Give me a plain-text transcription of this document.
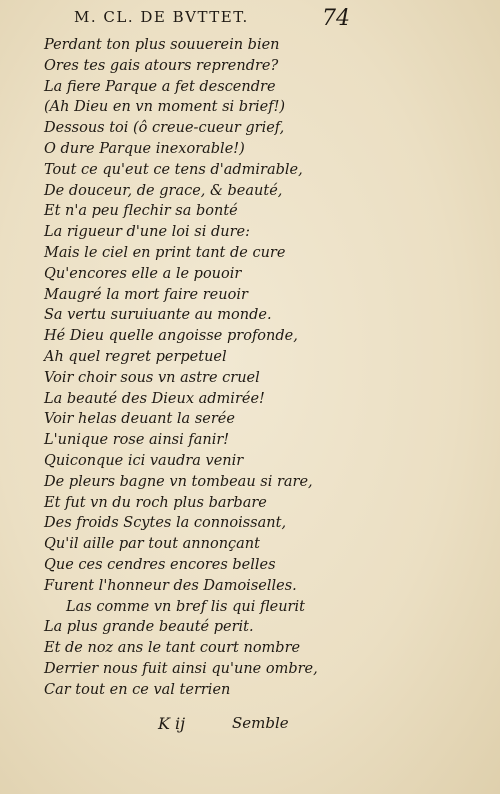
M. CL. DE BVTTET.	74
Perdant ton plus souuerein bien
Ores tes gais atours reprendre?
La fiere Parque a fet descendre
(Ah Dieu en vn moment si brief!)
Dessous toi (ô creue-cueur grief,
O dure Parque inexorable!)
Tout ce qu'eut ce tens d'admirable,
De douceur, de grace, & beauté,
Et n'a peu flechir sa bonté
La rigueur d'une loi si dure:
Mais le ciel en print tant de cure
Qu'encores elle a le pouoir
Maugré la mort faire reuoir
Sa vertu suruiuante au monde.
Hé Dieu quelle angoisse profonde,
Ah quel regret perpetuel
Voir choir sous vn astre cruel
La beauté des Dieux admirée!
Voir helas deuant la serée
L'unique rose ainsi fanir!
Quiconque ici vaudra venir
De pleurs bagne vn tombeau si rare,
Et fut vn du roch plus barbare
Des froids Scytes la connoissant,
Qu'il aille par tout annonçant
Que ces cendres encores belles
Furent l'honneur des Damoiselles.
Las comme vn bref lis qui fleurit
La plus grande beauté perit.
Et de noz ans le tant court nombre
Derrier nous fuit ainsi qu'une ombre,
Car tout en ce val terrien
K ij	Semble
